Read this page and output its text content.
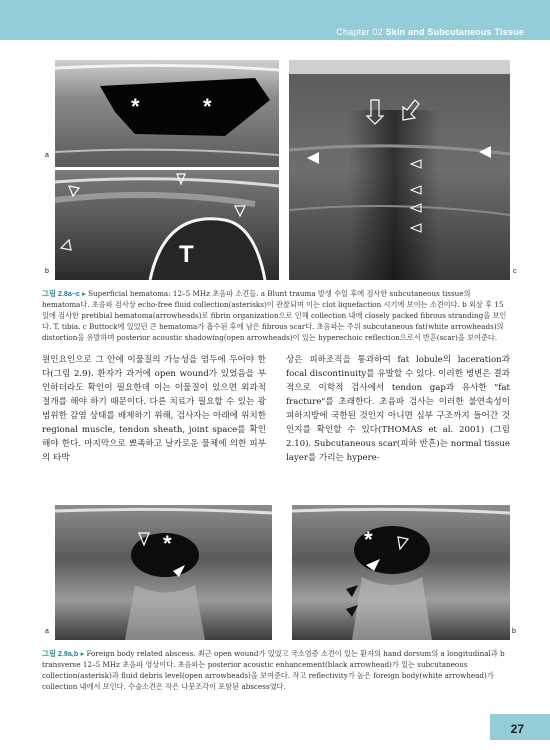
Chapter 02 Skin and Subcutaneous Tissue
*	*
a
T
b	c
그림 2.8a–c ▸ Superficial hematoma: 12–5 MHz 초음파 소견들. a Blunt trauma 발생 수일 후에 검사한 subcutaneous tissue의 hematoma다. 초음파 검사상 echo-free fluid collection(asterisks)이 관찰되며 이는 clot liquefaction 시기에 보이는 소견이다. b 외상 후 15일에 검사한 pretibial hematoma(arrowheads)로 fibrin organization으로 인해 collection 내에 closely packed fibrous stranding을 보인다. T, tibia. c Buttock에 있었던 큰 hematoma가 흡수된 후에 남은 fibrous scar다. 초음파는 주위 subcutaneous fat(white arrowheads)의 distortion을 유발하며 posterior acoustic shadowing(open arrowheads)이 있는 hyperechoic reflection으로서 반흔(scar)을 보여준다.
원인요인으로 그 안에 이물질의 가능성을 염두에 두어야 한다(그림 2.9). 환자가 과거에 open wound가 있었음을 부인하더라도 확인이 필요한데 이는 이물질이 있으면 외과적 절개를 해야 하기 때문이다. 다른 치료가 필요할 수 있는 광범위한 감염 상태를 배제하기 위해, 검사자는 아래에 위치한 regional muscle, tendon sheath, joint space를 확인해야 한다. 마지막으로 뾰족하고 날카로운 물체에 의한 피부의 타박
상은 피하조직을 통과하여 fat lobule의 laceration과 focal discontinuity를 유발할 수 있다. 이러한 병변은 결과적으로 이학적 검사에서 tendon gap과 유사한 "fat fracture"를 초래한다. 초음파 검사는 이러한 불연속성이 피하지방에 국한된 것인지 아니면 심부 구조까지 들어간 것인지를 확인할 수 있다(THOMAS et al. 2001) (그림 2.10). Subcutaneous scar(피하 반흔)는 normal tissue layer를 가리는 hypere-
*
a
*
b
그림 2.9a,b ▸ Foreign body related abscess. 최근 open wound가 있었고 국소염증 소견이 있는 환자의 hand dorsum의 a longitudinal과 b transverse 12–5 MHz 초음파 영상이다. 초음파는 posterior acoustic enhancement(black arrowhead)가 있는 subcutaneous collection(asterisk)과 fluid debris level(open arrowheads)을 보여준다. 작고 reflectivity가 높은 foreign body(white arrowhead)가 collection 내에서 보인다. 수술소견은 작은 나뭇조각이 포함된 abscess였다.
27
